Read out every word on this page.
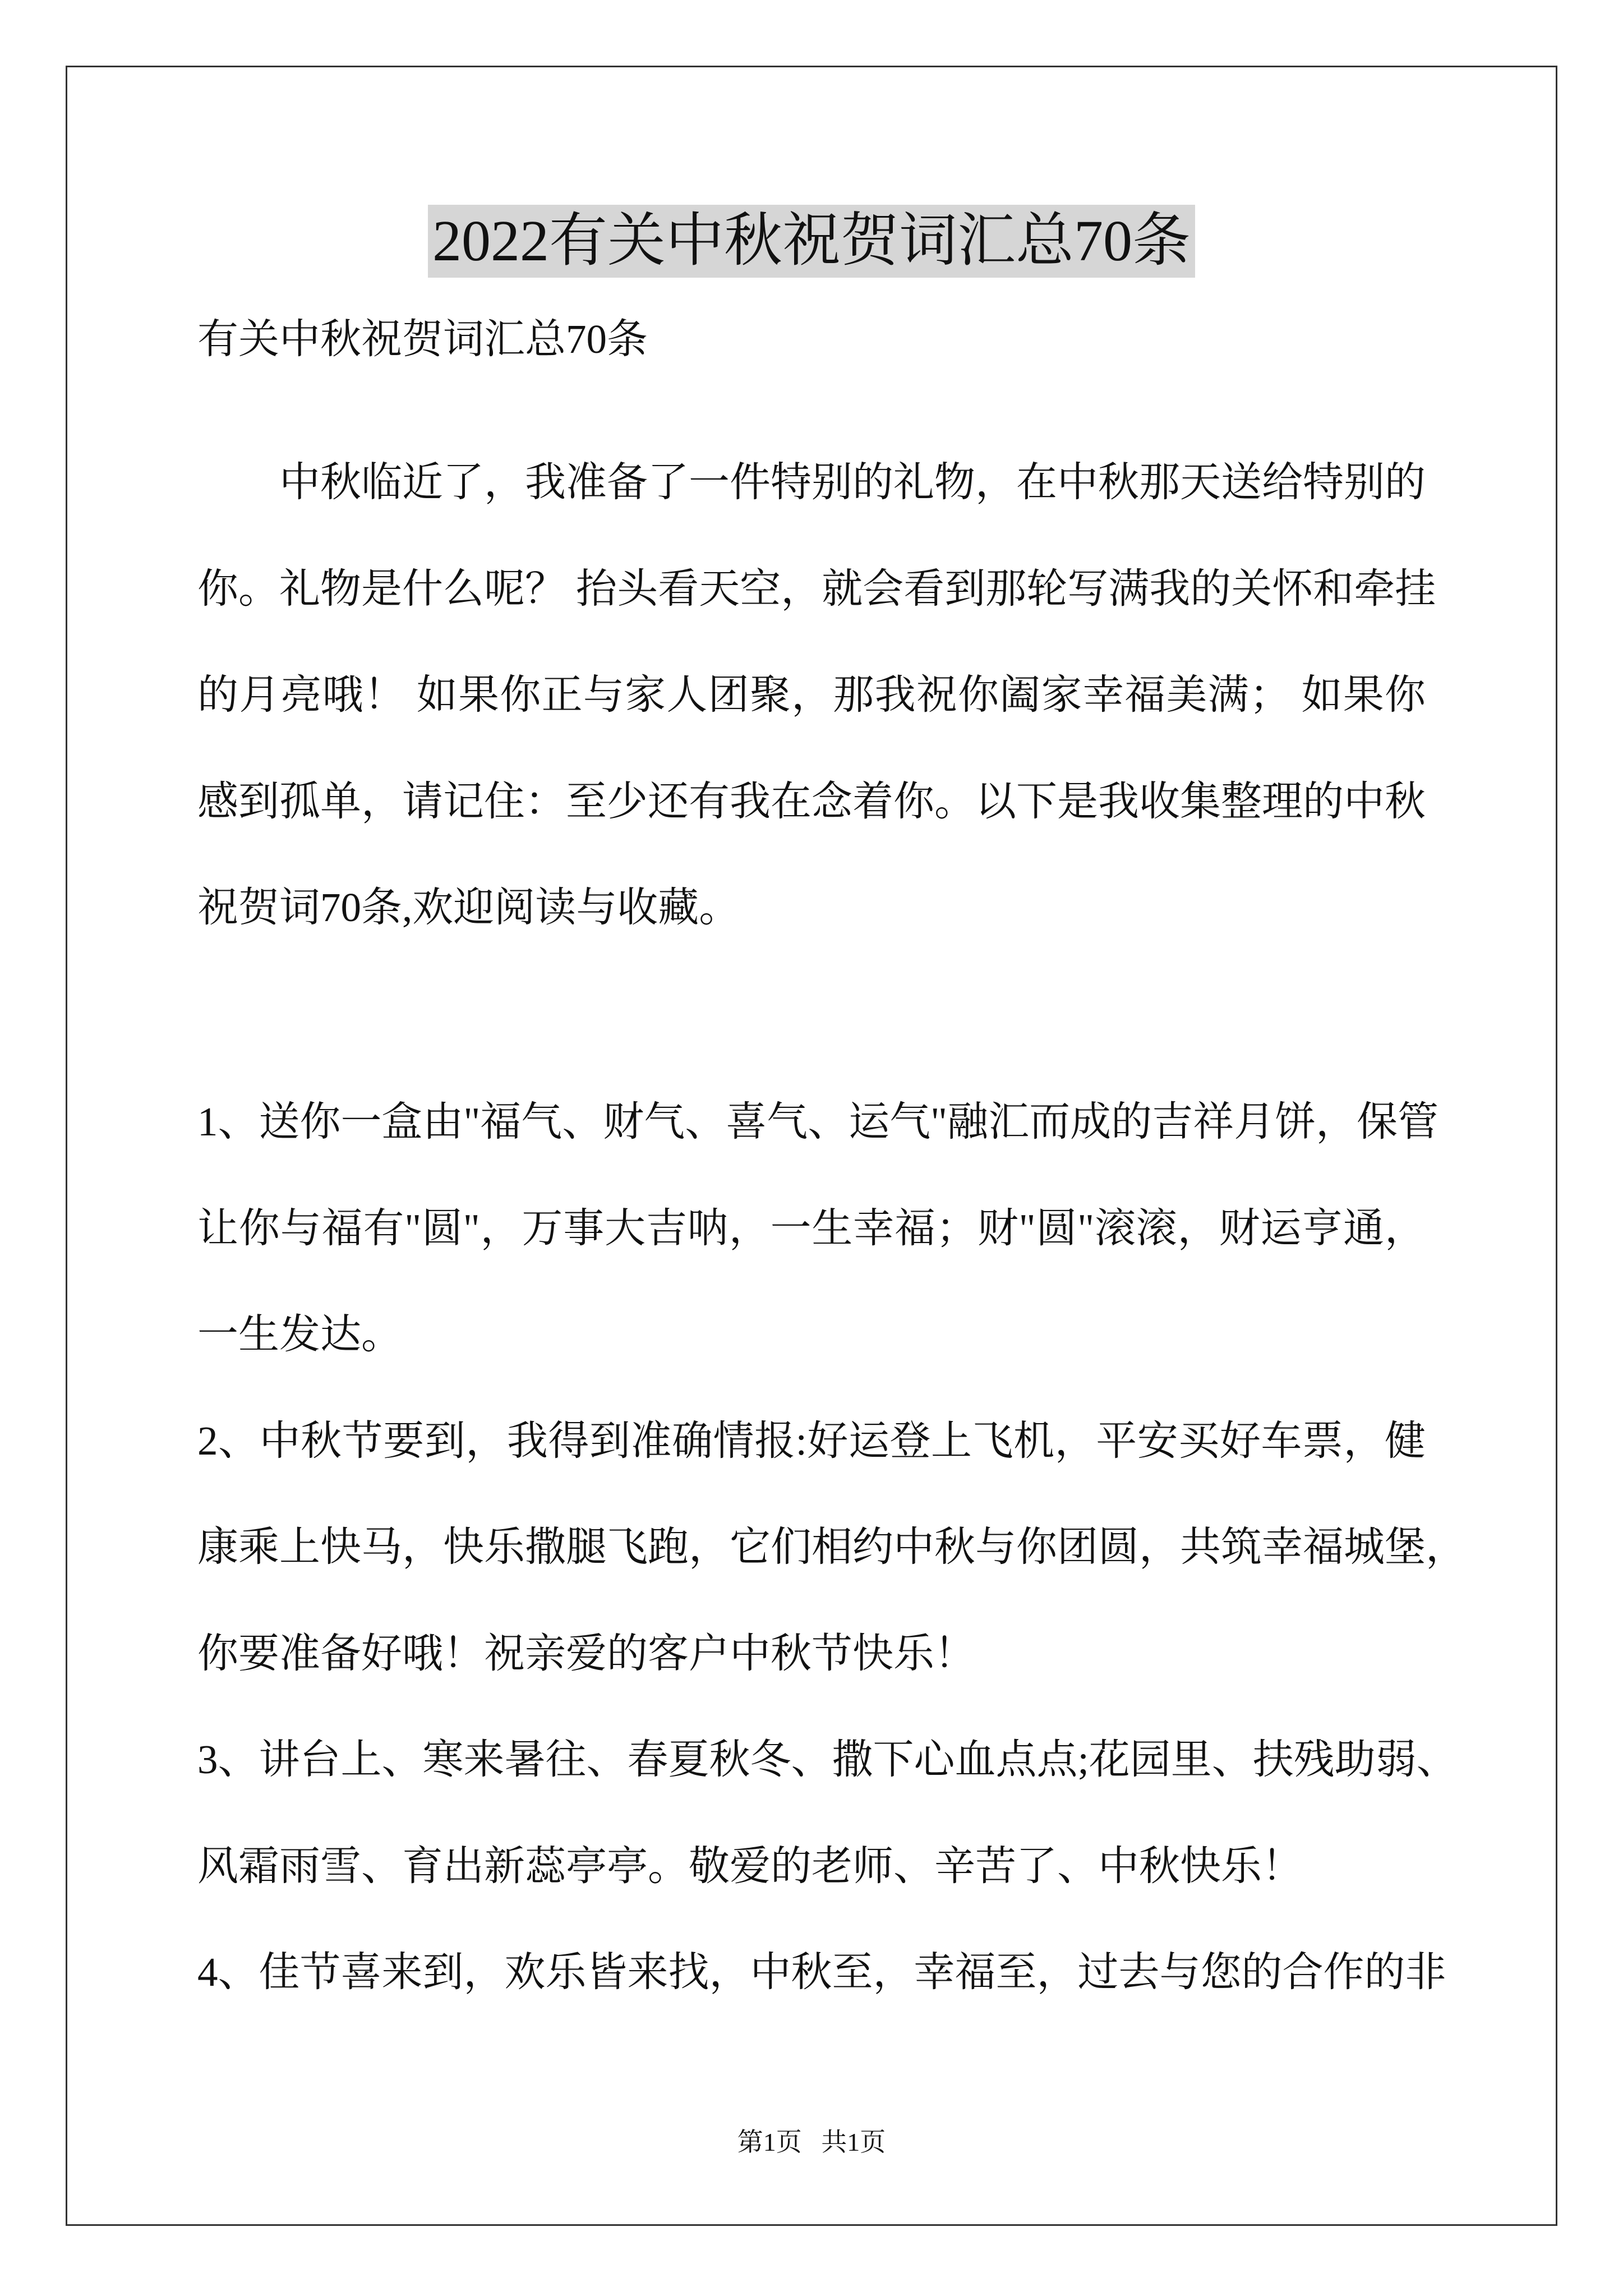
2022有关中秋祝贺词汇总70条
有关中秋祝贺词汇总70条
中秋临近了，我准备了一件特别的礼物，在中秋那天送给特别的
你。礼物是什么呢？ 抬头看天空，就会看到那轮写满我的关怀和牵挂
的月亮哦！ 如果你正与家人团聚，那我祝你阖家幸福美满； 如果你
感到孤单，请记住：至少还有我在念着你。以下是我收集整理的中秋
祝贺词70条,欢迎阅读与收藏。
1、送你一盒由"福气、财气、喜气、运气"融汇而成的吉祥月饼，保管
让你与福有"圆"，万事大吉呐，一生幸福；财"圆"滚滚，财运亨通，
一生发达。
2、中秋节要到，我得到准确情报:好运登上飞机，平安买好车票，健
康乘上快马，快乐撒腿飞跑，它们相约中秋与你团圆，共筑幸福城堡，
你要准备好哦！祝亲爱的客户中秋节快乐！
3、讲台上、寒来暑往、春夏秋冬、撒下心血点点;花园里、扶残助弱、
风霜雨雪、育出新蕊亭亭。敬爱的老师、辛苦了、中秋快乐！
4、佳节喜来到，欢乐皆来找，中秋至，幸福至，过去与您的合作的非
第1页   共1页
